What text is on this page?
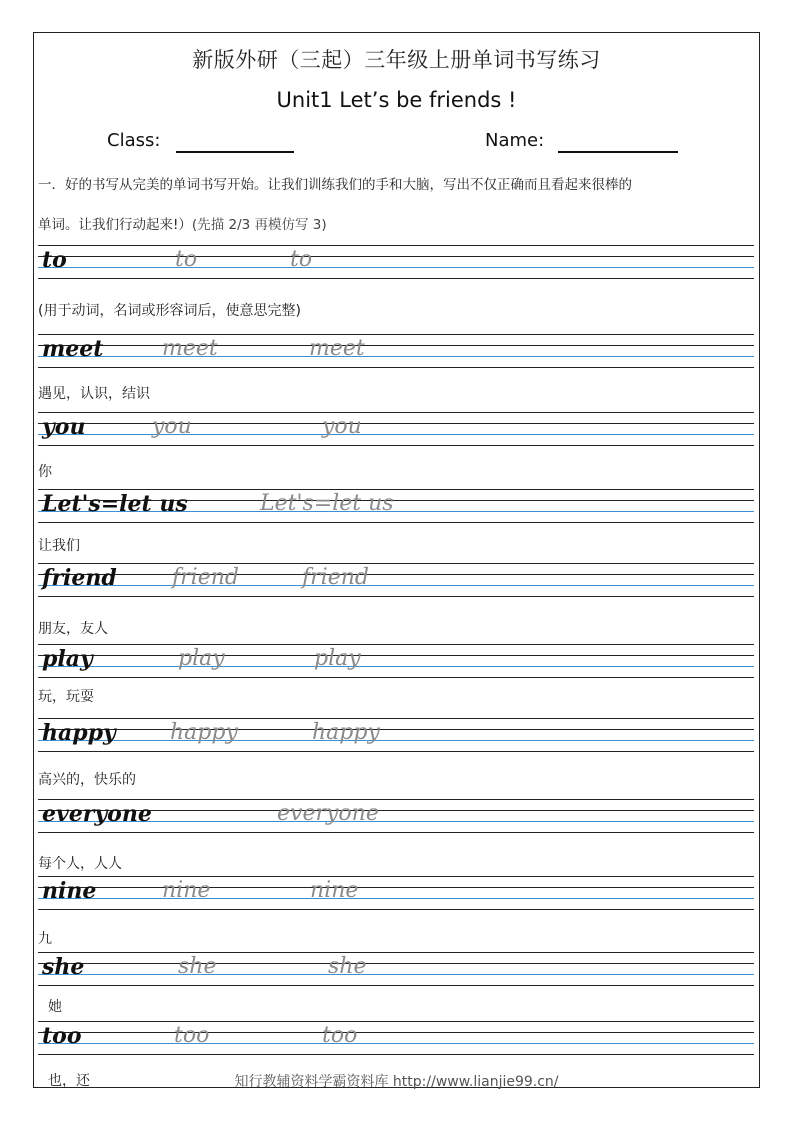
新版外研（三起）三年级上册单词书写练习
Unit1 Let’s be friends !
Class:	Name:
一．好的书写从完美的单词书写开始。让我们训练我们的手和大脑，写出不仅正确而且看起来很棒的
单词。让我们行动起来!）(先描 2/3 再模仿写 3)
to	to	to
(用于动词，名词或形容词后，使意思完整)
meet	meet	meet
遇见，认识，结识
you	you	you
你
Let's=let us	Let's=let us
让我们
friend	friend	friend
朋友，友人
play	play	play
玩，玩耍
happy happy	happy
高兴的，快乐的
everyone	everyone
每个人，人人
nine	nine	nine
九
she	she	she
她
too	too	too
也，还	知行教辅资料学霸资料库 http://www.lianjie99.cn/
